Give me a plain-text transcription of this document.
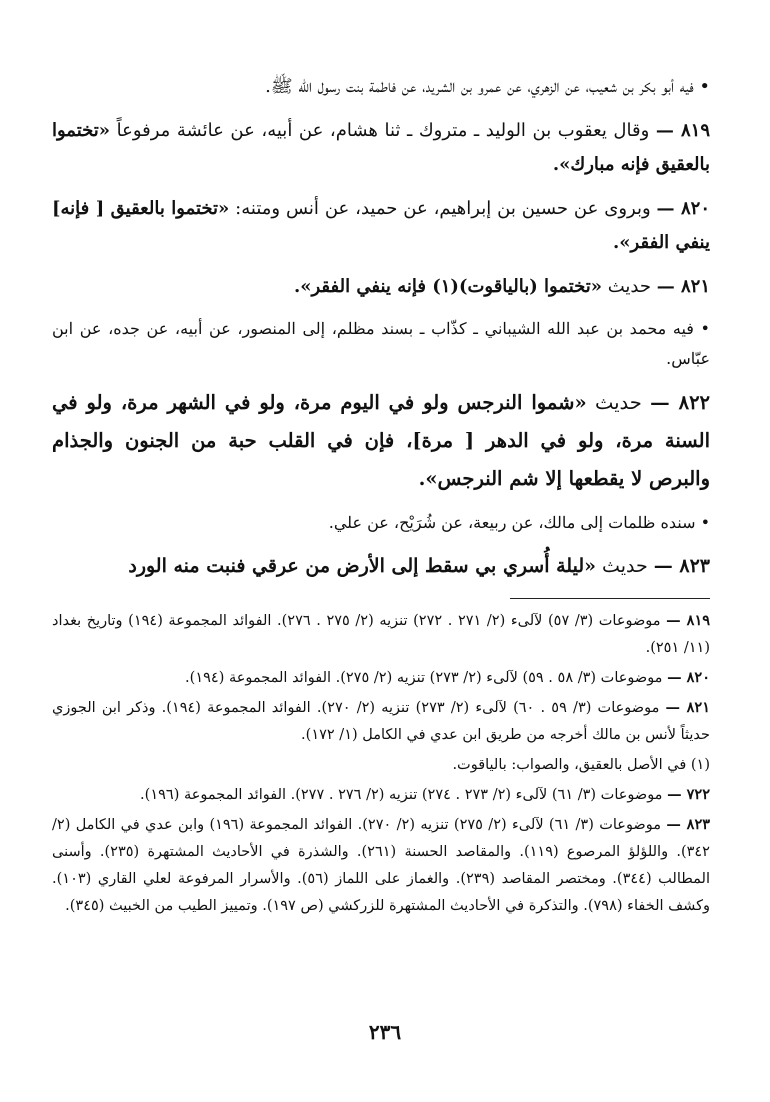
• فيه أبو بكر بن شعيب، عن الزهري، عن عمرو بن الشريد، عن فاطمة بنت رسول الله ﷺ.

٨١٩ — وقال يعقوب بن الوليد ـ متروك ـ ثنا هشام، عن أبيه، عن عائشة مرفوعاً «تختموا بالعقيق فإنه مبارك».

٨٢٠ — وبروى عن حسين بن إبراهيم، عن حميد، عن أنس ومتنه: «تختموا بالعقيق [ فإنه] ينفي الفقر».

٨٢١ — حديث «تختموا (بالياقوت)(١) فإنه ينفي الفقر».

• فيه محمد بن عبد الله الشيباني ـ كذّاب ـ بسند مظلم، إلى المنصور، عن أبيه، عن جده، عن ابن عبّاس.

٨٢٢ — حديث «شموا النرجس ولو في اليوم مرة، ولو في الشهر مرة، ولو في السنة مرة، ولو في الدهر [ مرة]، فإن في القلب حبة من الجنون والجذام والبرص لا يقطعها إلا شم النرجس».

• سنده ظلمات إلى مالك، عن ربيعة، عن شُرَيْح، عن علي.

٨٢٣ — حديث «ليلة أُسري بي سقط إلى الأرض من عرقي فنبت منه الورد

٨١٩ — موضوعات (٣/ ٥٧) لآلىء (٢/ ٢٧١ . ٢٧٢) تنزيه (٢/ ٢٧٥ . ٢٧٦). الفوائد المجموعة (١٩٤) وتاريخ بغداد (١١/ ٢٥١).

٨٢٠ — موضوعات (٣/ ٥٨ . ٥٩) لآلىء (٢/ ٢٧٣) تنزيه (٢/ ٢٧٥). الفوائد المجموعة (١٩٤).

٨٢١ — موضوعات (٣/ ٥٩ . ٦٠) لآلىء (٢/ ٢٧٣) تنزيه (٢/ ٢٧٠). الفوائد المجموعة (١٩٤). وذكر ابن الجوزي حديثاً لأنس بن مالك أخرجه من طريق ابن عدي في الكامل (١/ ١٧٢).

(١) في الأصل بالعقيق، والصواب: بالياقوت.

٧٢٢ — موضوعات (٣/ ٦١) لآلىء (٢/ ٢٧٣ . ٢٧٤) تنزيه (٢/ ٢٧٦ . ٢٧٧). الفوائد المجموعة (١٩٦).

٨٢٣ — موضوعات (٣/ ٦١) لآلىء (٢/ ٢٧٥) تنزيه (٢/ ٢٧٠). الفوائد المجموعة (١٩٦) وابن عدي في الكامل (٢/ ٣٤٢). واللؤلؤ المرصوع (١١٩). والمقاصد الحسنة (٢٦١). والشذرة في الأحاديث المشتهرة (٢٣٥). وأسنى المطالب (٣٤٤). ومختصر المقاصد (٢٣٩). والغماز على اللماز (٥٦). والأسرار المرفوعة لعلي القاري (١٠٣). وكشف الخفاء (٧٩٨). والتذكرة في الأحاديث المشتهرة للزركشي (ص ١٩٧). وتمييز الطيب من الخبيث (٣٤٥).

٢٣٦
